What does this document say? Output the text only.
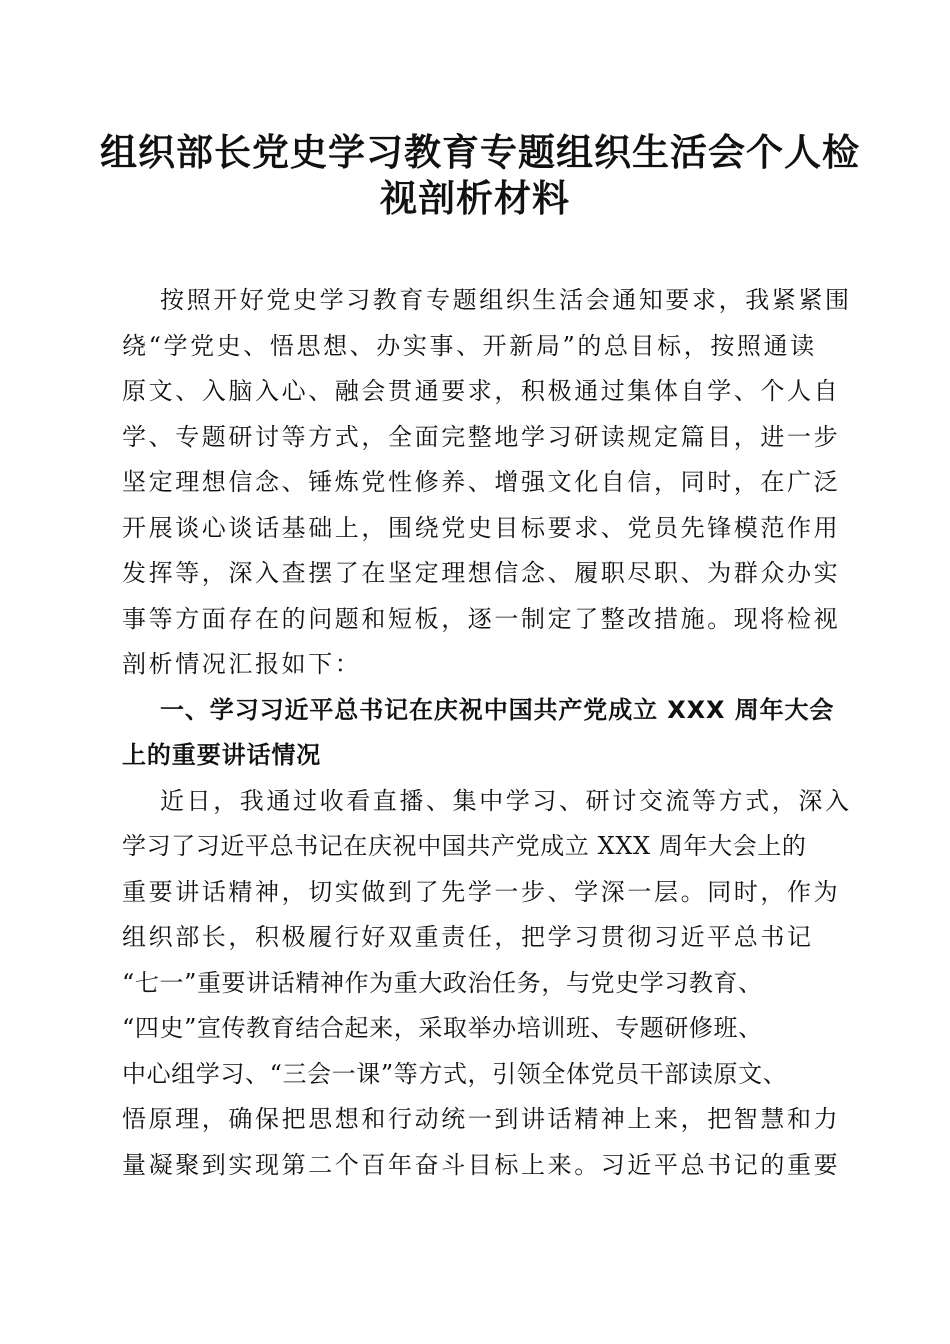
组织部长党史学习教育专题组织生活会个人检
视剖析材料
按照开好党史学习教育专题组织生活会通知要求，我紧紧围
绕“学党史、悟思想、办实事、开新局”的总目标，按照通读
原文、入脑入心、融会贯通要求，积极通过集体自学、个人自
学、专题研讨等方式，全面完整地学习研读规定篇目，进一步
坚定理想信念、锤炼党性修养、增强文化自信，同时，在广泛
开展谈心谈话基础上，围绕党史目标要求、党员先锋模范作用
发挥等，深入查摆了在坚定理想信念、履职尽职、为群众办实
事等方面存在的问题和短板，逐一制定了整改措施。现将检视
剖析情况汇报如下：
一、学习习近平总书记在庆祝中国共产党成立 XXX 周年大会
上的重要讲话情况
近日，我通过收看直播、集中学习、研讨交流等方式，深入
学习了习近平总书记在庆祝中国共产党成立 XXX 周年大会上的
重要讲话精神，切实做到了先学一步、学深一层。同时，作为
组织部长，积极履行好双重责任，把学习贯彻习近平总书记
“七一”重要讲话精神作为重大政治任务，与党史学习教育、
“四史”宣传教育结合起来，采取举办培训班、专题研修班、
中心组学习、“三会一课”等方式，引领全体党员干部读原文、
悟原理，确保把思想和行动统一到讲话精神上来，把智慧和力
量凝聚到实现第二个百年奋斗目标上来。习近平总书记的重要
